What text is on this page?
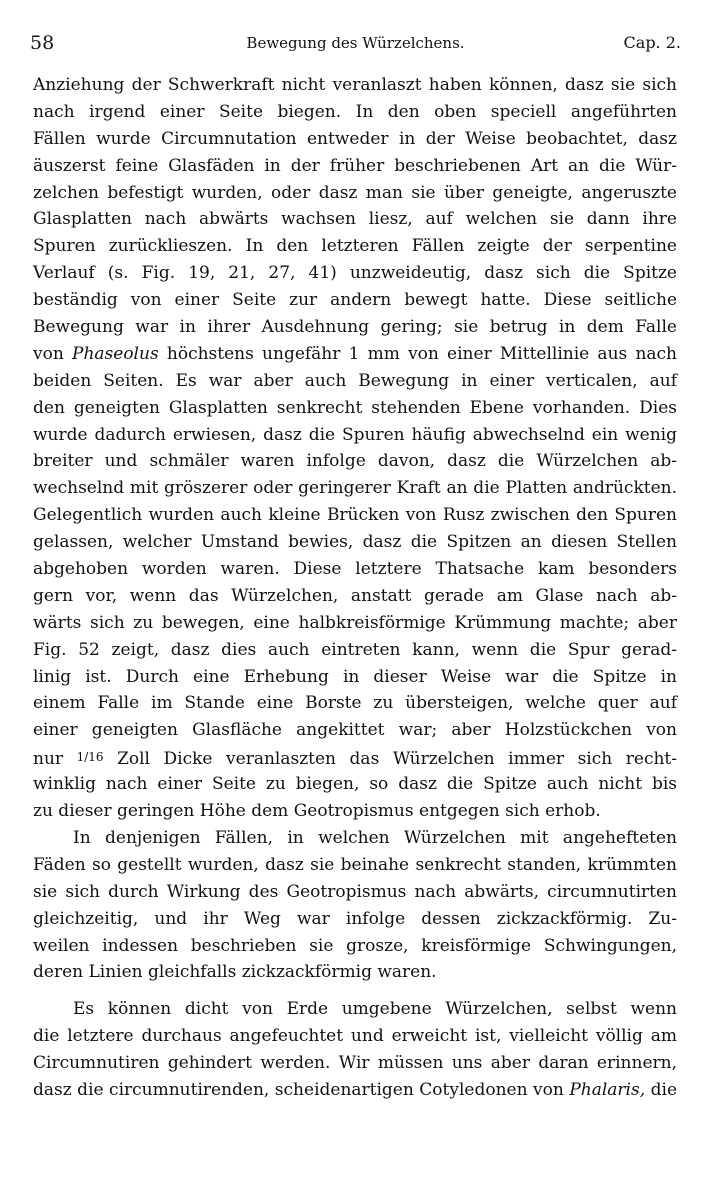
58	Bewegung des Würzelchens.	Cap. 2.
Anziehung der Schwerkraft nicht veranlaszt haben können, dasz sie sich
nach irgend einer Seite biegen. In den oben speciell angeführten
Fällen wurde Circumnutation entweder in der Weise beobachtet, dasz
äuszerst feine Glasfäden in der früher beschriebenen Art an die Wür-
zelchen befestigt wurden, oder dasz man sie über geneigte, angeruszte
Glasplatten nach abwärts wachsen liesz, auf welchen sie dann ihre
Spuren zurücklieszen. In den letzteren Fällen zeigte der serpentine
Verlauf (s. Fig. 19, 21, 27, 41) unzweideutig, dasz sich die Spitze
beständig von einer Seite zur andern bewegt hatte. Diese seitliche
Bewegung war in ihrer Ausdehnung gering; sie betrug in dem Falle
von Phaseolus höchstens ungefähr 1 mm von einer Mittellinie aus nach
beiden Seiten. Es war aber auch Bewegung in einer verticalen, auf
den geneigten Glasplatten senkrecht stehenden Ebene vorhanden. Dies
wurde dadurch erwiesen, dasz die Spuren häufig abwechselnd ein wenig
breiter und schmäler waren infolge davon, dasz die Würzelchen ab-
wechselnd mit gröszerer oder geringerer Kraft an die Platten andrückten.
Gelegentlich wurden auch kleine Brücken von Rusz zwischen den Spuren
gelassen, welcher Umstand bewies, dasz die Spitzen an diesen Stellen
abgehoben worden waren. Diese letztere Thatsache kam besonders
gern vor, wenn das Würzelchen, anstatt gerade am Glase nach ab-
wärts sich zu bewegen, eine halbkreisförmige Krümmung machte; aber
Fig. 52 zeigt, dasz dies auch eintreten kann, wenn die Spur gerad-
linig ist. Durch eine Erhebung in dieser Weise war die Spitze in
einem Falle im Stande eine Borste zu übersteigen, welche quer auf
einer geneigten Glasfläche angekittet war; aber Holzstückchen von
nur 1/16 Zoll Dicke veranlaszten das Würzelchen immer sich recht-
winklig nach einer Seite zu biegen, so dasz die Spitze auch nicht bis
zu dieser geringen Höhe dem Geotropismus entgegen sich erhob.
In denjenigen Fällen, in welchen Würzelchen mit angehefteten
Fäden so gestellt wurden, dasz sie beinahe senkrecht standen, krümmten
sie sich durch Wirkung des Geotropismus nach abwärts, circumnutirten
gleichzeitig, und ihr Weg war infolge dessen zickzackförmig. Zu-
weilen indessen beschrieben sie grosze, kreisförmige Schwingungen,
deren Linien gleichfalls zickzackförmig waren.
Es können dicht von Erde umgebene Würzelchen, selbst wenn
die letztere durchaus angefeuchtet und erweicht ist, vielleicht völlig am
Circumnutiren gehindert werden. Wir müssen uns aber daran erinnern,
dasz die circumnutirenden, scheidenartigen Cotyledonen von Phalaris, die
